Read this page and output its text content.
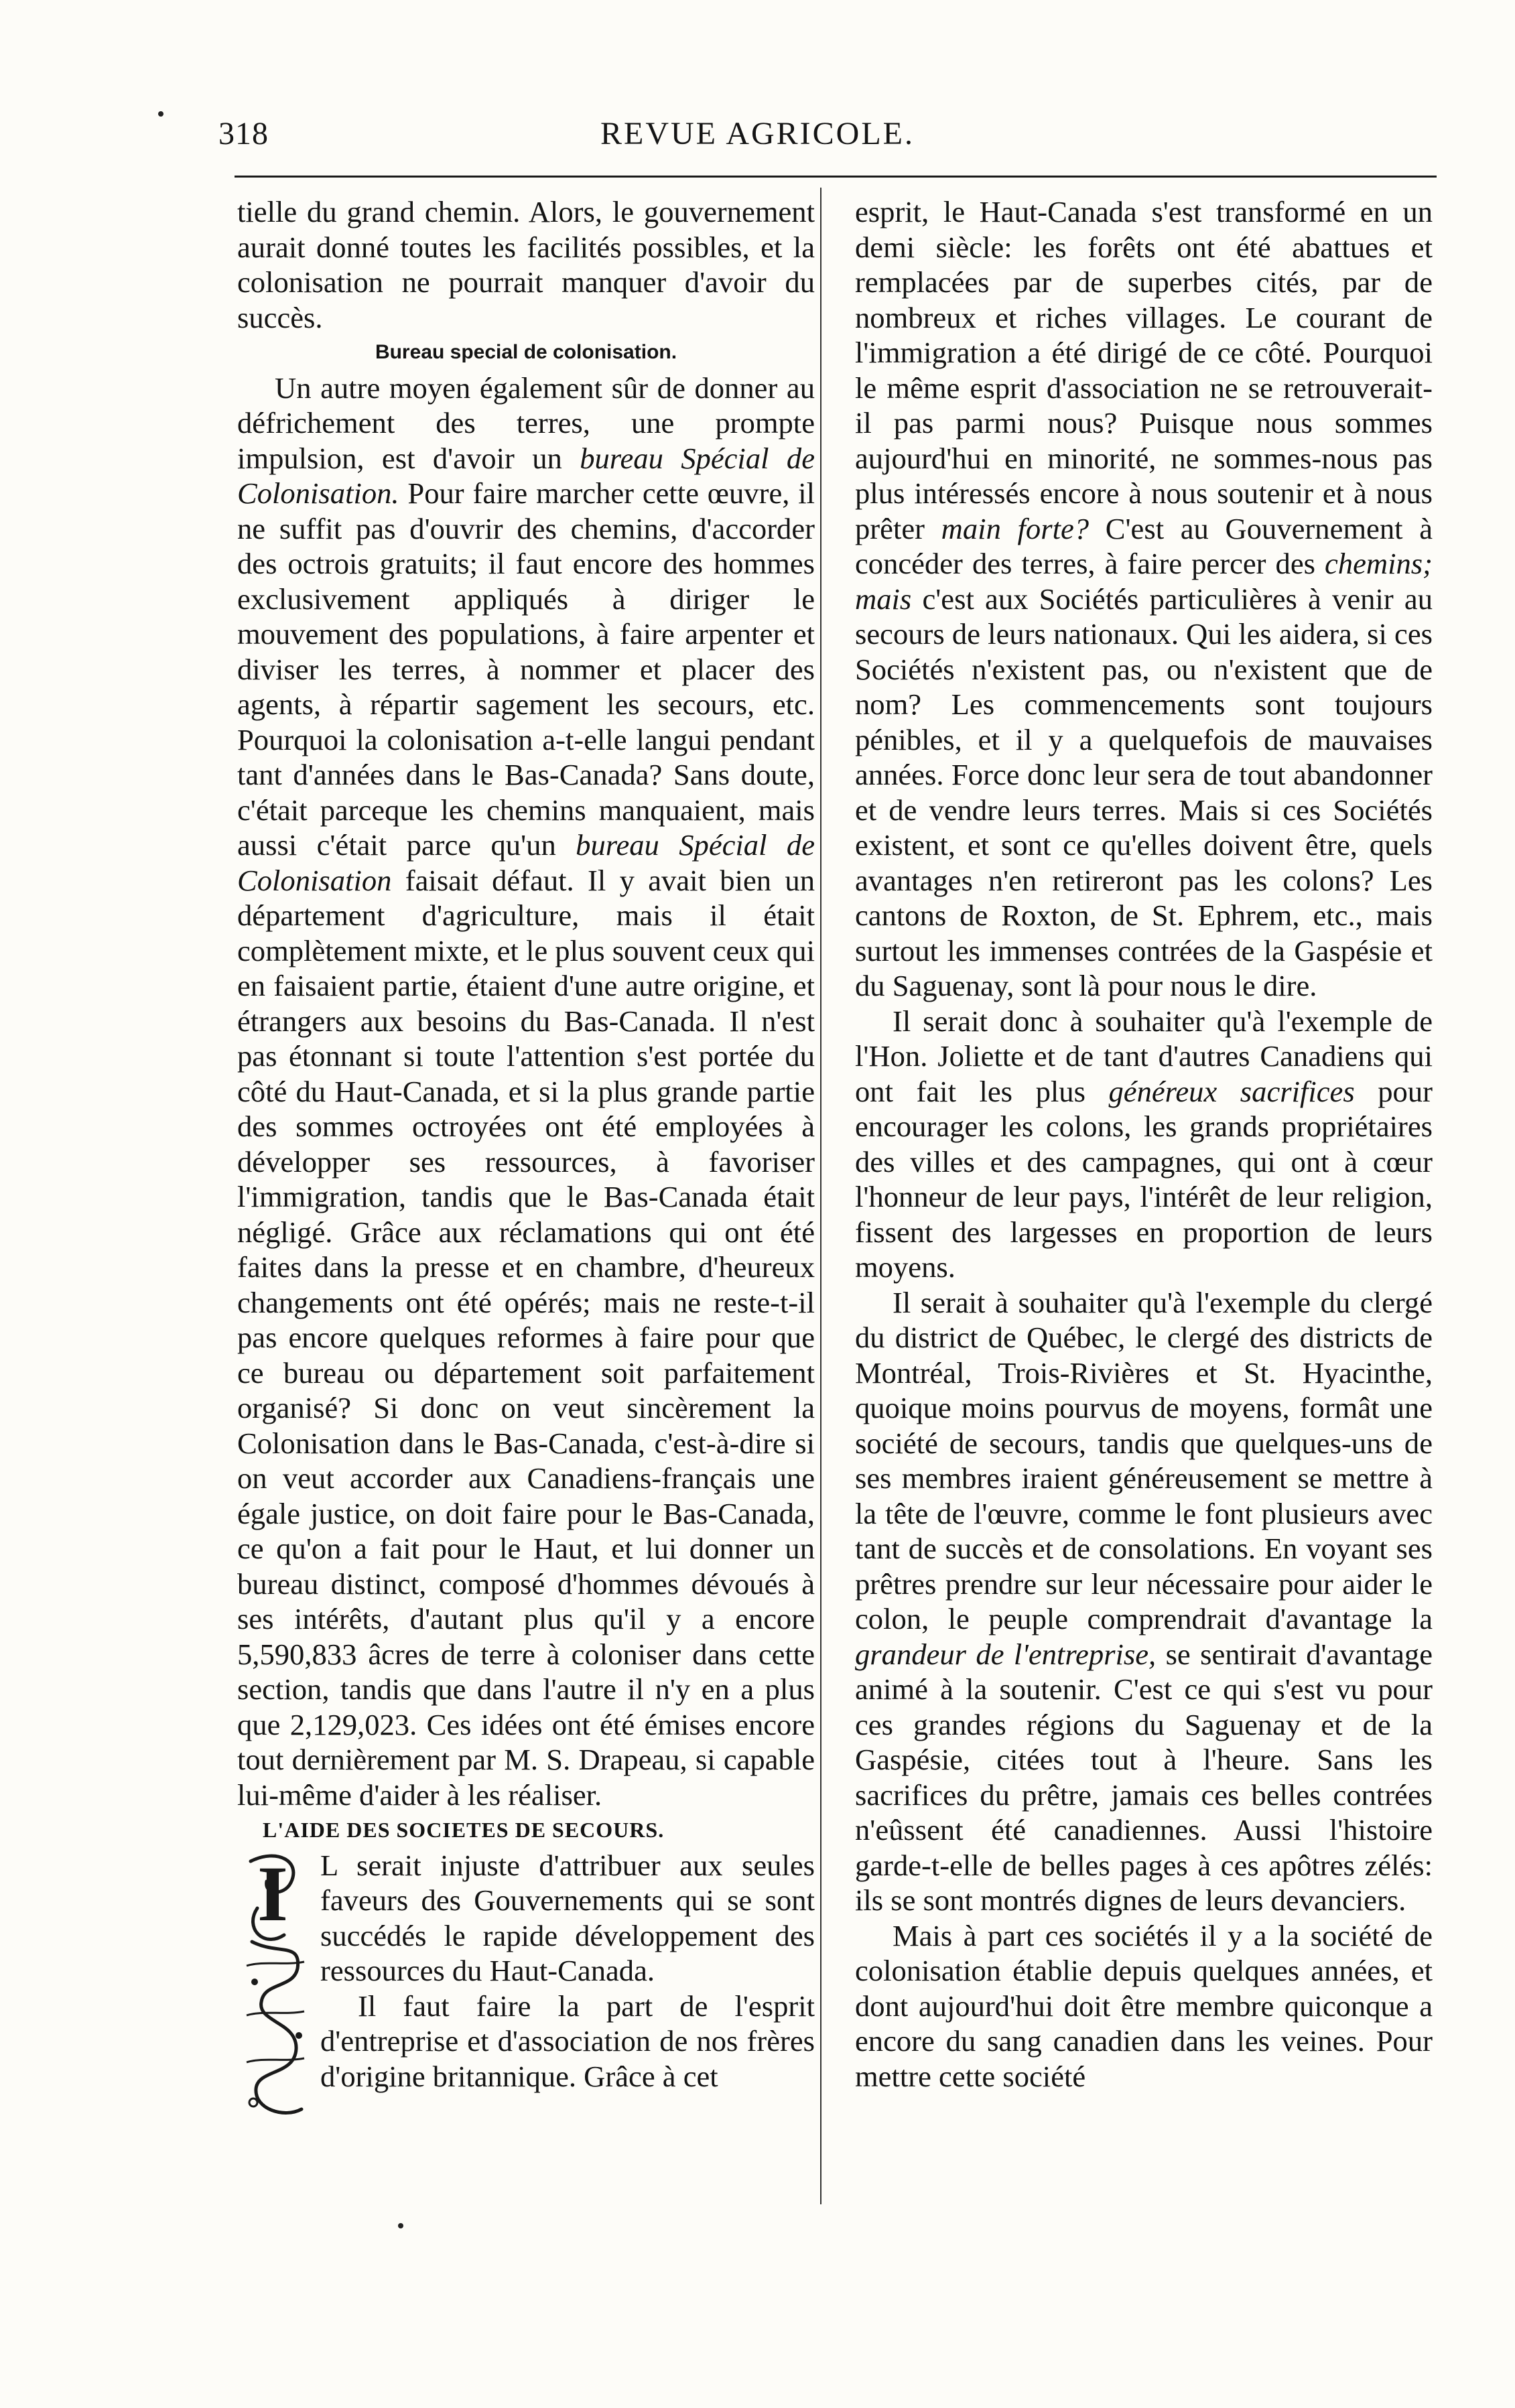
318	REVUE AGRICOLE.

tielle du grand chemin. Alors, le gouvernement aurait donné toutes les facilités possibles, et la colonisation ne pourrait manquer d'avoir du succès.

Bureau special de colonisation.

Un autre moyen également sûr de donner au défrichement des terres, une prompte impulsion, est d'avoir un bureau Spécial de Colonisation. Pour faire marcher cette œuvre, il ne suffit pas d'ouvrir des chemins, d'accorder des octrois gratuits; il faut encore des hommes exclusivement appliqués à diriger le mouvement des populations, à faire arpenter et diviser les terres, à nommer et placer des agents, à répartir sagement les secours, etc. Pourquoi la colonisation a-t-elle langui pendant tant d'années dans le Bas-Canada? Sans doute, c'était parceque les chemins manquaient, mais aussi c'était parce qu'un bureau Spécial de Colonisation faisait défaut. Il y avait bien un département d'agriculture, mais il était complètement mixte, et le plus souvent ceux qui en faisaient partie, étaient d'une autre origine, et étrangers aux besoins du Bas-Canada. Il n'est pas étonnant si toute l'attention s'est portée du côté du Haut-Canada, et si la plus grande partie des sommes octroyées ont été employées à développer ses ressources, à favoriser l'immigration, tandis que le Bas-Canada était négligé. Grâce aux réclamations qui ont été faites dans la presse et en chambre, d'heureux changements ont été opérés; mais ne reste-t-il pas encore quelques reformes à faire pour que ce bureau ou département soit parfaitement organisé? Si donc on veut sincèrement la Colonisation dans le Bas-Canada, c'est-à-dire si on veut accorder aux Canadiens-français une égale justice, on doit faire pour le Bas-Canada, ce qu'on a fait pour le Haut, et lui donner un bureau distinct, composé d'hommes dévoués à ses intérêts, d'autant plus qu'il y a encore 5,590,833 âcres de terre à coloniser dans cette section, tandis que dans l'autre il n'y en a plus que 2,129,023. Ces idées ont été émises encore tout dernièrement par M. S. Drapeau, si capable lui-même d'aider à les réaliser.

L'AIDE DES SOCIETES DE SECOURS.
I	L serait injuste d'attribuer aux seules faveurs des Gouvernements qui se sont succédés le rapide développement des ressources du Haut-Canada.

Il faut faire la part de l'esprit d'entreprise et d'association de nos frères d'origine britannique. Grâce à cet

esprit, le Haut-Canada s'est transformé en un demi siècle: les forêts ont été abattues et remplacées par de superbes cités, par de nombreux et riches villages. Le courant de l'immigration a été dirigé de ce côté. Pourquoi le même esprit d'association ne se retrouverait-il pas parmi nous? Puisque nous sommes aujourd'hui en minorité, ne sommes-nous pas plus intéressés encore à nous soutenir et à nous prêter main forte? C'est au Gouvernement à concéder des terres, à faire percer des chemins; mais c'est aux Sociétés particulières à venir au secours de leurs nationaux. Qui les aidera, si ces Sociétés n'existent pas, ou n'existent que de nom? Les commencements sont toujours pénibles, et il y a quelquefois de mauvaises années. Force donc leur sera de tout abandonner et de vendre leurs terres. Mais si ces Sociétés existent, et sont ce qu'elles doivent être, quels avantages n'en retireront pas les colons? Les cantons de Roxton, de St. Ephrem, etc., mais surtout les immenses contrées de la Gaspésie et du Saguenay, sont là pour nous le dire.

Il serait donc à souhaiter qu'à l'exemple de l'Hon. Joliette et de tant d'autres Canadiens qui ont fait les plus généreux sacrifices pour encourager les colons, les grands propriétaires des villes et des campagnes, qui ont à cœur l'honneur de leur pays, l'intérêt de leur religion, fissent des largesses en proportion de leurs moyens.

Il serait à souhaiter qu'à l'exemple du clergé du district de Québec, le clergé des districts de Montréal, Trois-Rivières et St. Hyacinthe, quoique moins pourvus de moyens, formât une société de secours, tandis que quelques-uns de ses membres iraient généreusement se mettre à la tête de l'œuvre, comme le font plusieurs avec tant de succès et de consolations. En voyant ses prêtres prendre sur leur nécessaire pour aider le colon, le peuple comprendrait d'avantage la grandeur de l'entreprise, se sentirait d'avantage animé à la soutenir. C'est ce qui s'est vu pour ces grandes régions du Saguenay et de la Gaspésie, citées tout à l'heure. Sans les sacrifices du prêtre, jamais ces belles contrées n'eûssent été canadiennes. Aussi l'histoire garde-t-elle de belles pages à ces apôtres zélés: ils se sont montrés dignes de leurs devanciers.

Mais à part ces sociétés il y a la société de colonisation établie depuis quelques années, et dont aujourd'hui doit être membre quiconque a encore du sang canadien dans les veines. Pour mettre cette société
